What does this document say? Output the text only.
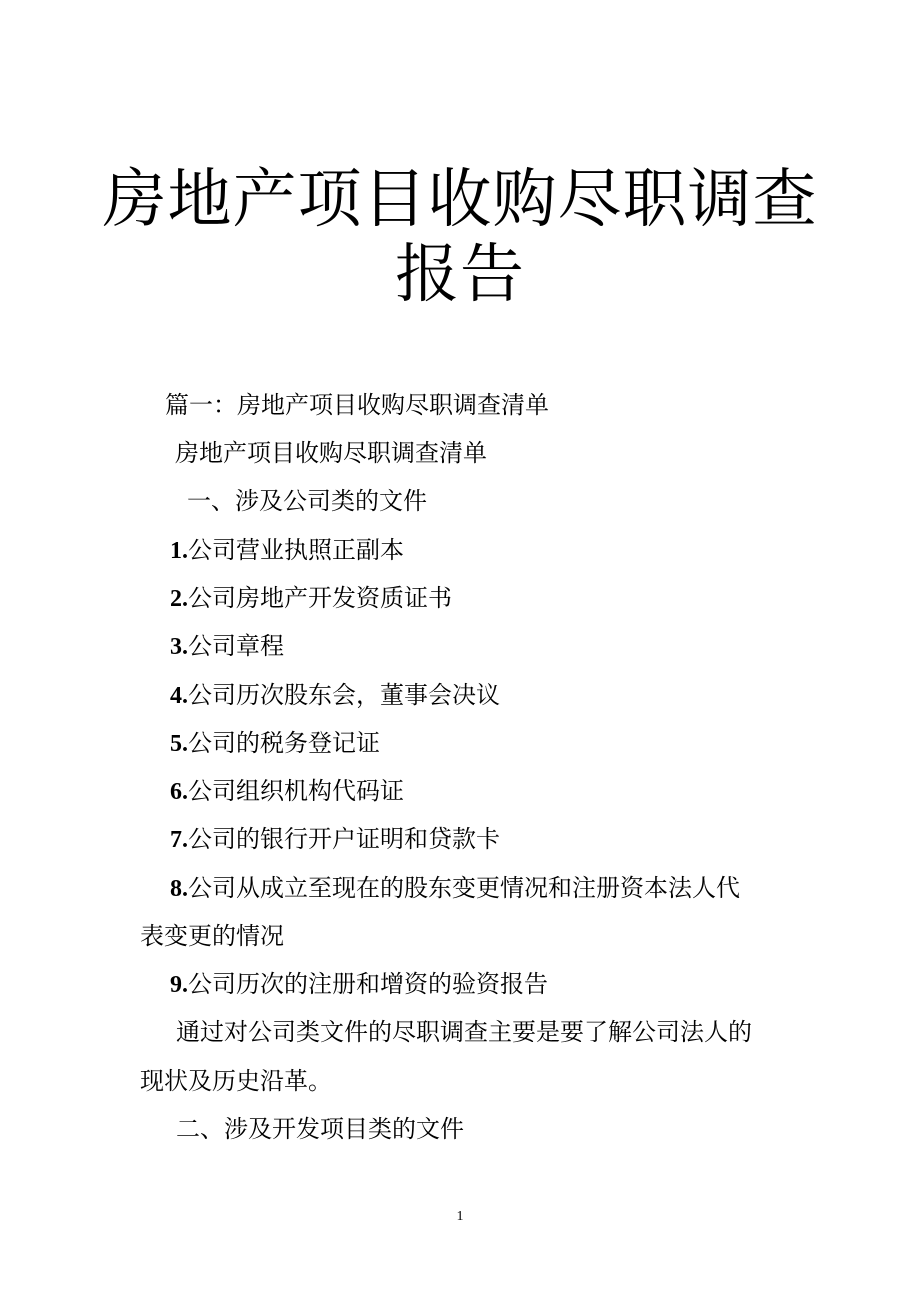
房地产项目收购尽职调查
报告
篇一：房地产项目收购尽职调查清单
房地产项目收购尽职调查清单
一、涉及公司类的文件
1.公司营业执照正副本
2.公司房地产开发资质证书
3.公司章程
4.公司历次股东会，董事会决议
5.公司的税务登记证
6.公司组织机构代码证
7.公司的银行开户证明和贷款卡
8.公司从成立至现在的股东变更情况和注册资本法人代
表变更的情况
9.公司历次的注册和增资的验资报告
通过对公司类文件的尽职调查主要是要了解公司法人的
现状及历史沿革。
二、涉及开发项目类的文件
1
